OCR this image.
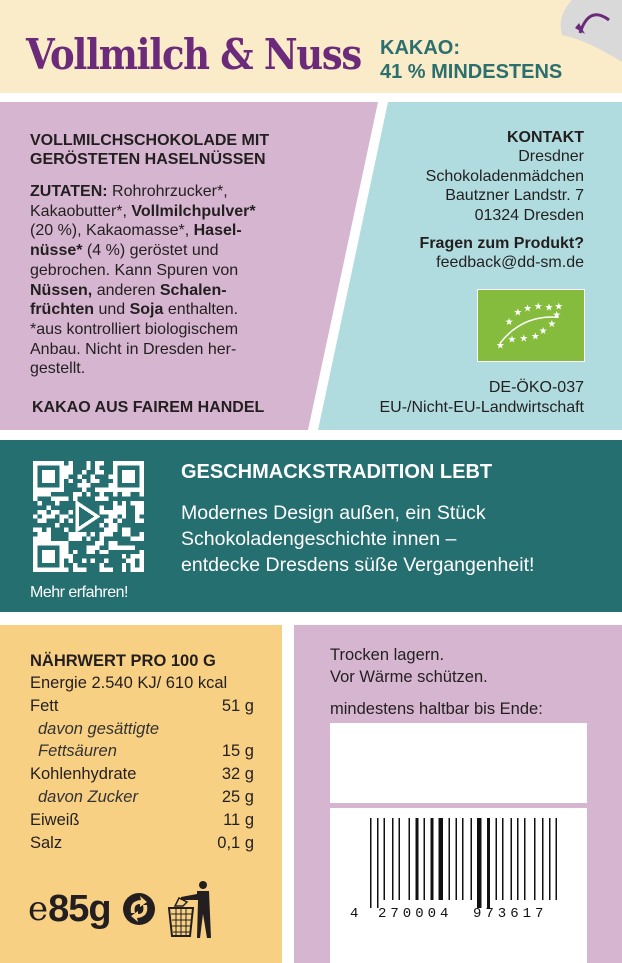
Vollmilch & Nuss KAKAO:
41 % MINDESTENS
VOLLMILCHSCHOKOLADE MIT
GERÖSTETEN HASELNÜSSEN
ZUTATEN: Rohrohrzucker*,
Kakaobutter*, Vollmilchpulver*
(20 %), Kakaomasse*, Hasel-
nüsse* (4 %) geröstet und
gebrochen. Kann Spuren von
Nüssen, anderen Schalen-
früchten und Soja enthalten.
*aus kontrolliert biologischem
Anbau. Nicht in Dresden her-
gestellt.
KAKAO AUS FAIREM HANDEL
KONTAKT
Dresdner
Schokoladenmädchen
Bautzner Landstr. 7
01324 Dresden
Fragen zum Produkt?
feedback@dd-sm.de
★
★ ★ ★
★
★
★
★
★
★
★
★
★
DE-ÖKO-037
EU-/Nicht-EU-Landwirtschaft
Mehr erfahren!
GESCHMACKSTRADITION LEBT
Modernes Design außen, ein Stück
Schokoladengeschichte innen –
entdecke Dresdens süße Vergangenheit!
NÄHRWERT PRO 100 G
Energie 2.540 KJ/ 610 kcal
Fett	51 g
davon gesättigte
Fettsäuren	15 g
Kohlenhydrate	32 g
davon Zucker	25 g
Eiweiß	11 g
Salz	0,1 g
e 85g
Trocken lagern.
Vor Wärme schützen.
mindestens haltbar bis Ende:
4 270004 973617
